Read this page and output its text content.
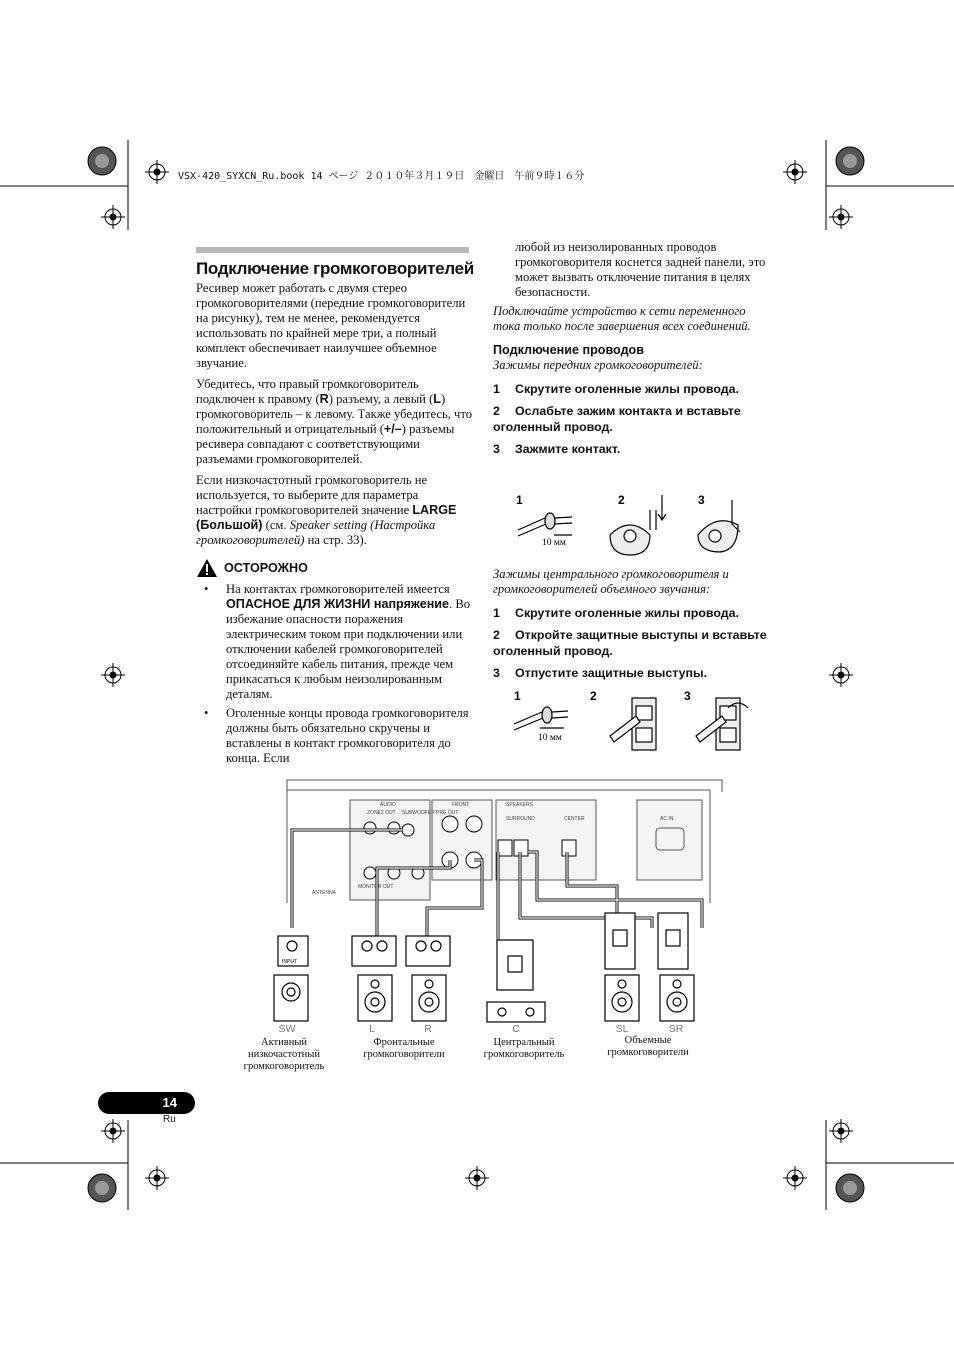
VSX-420_SYXCN_Ru.book 14 ページ ２０１０年３月１９日　金曜日　午前９時１６分
Подключение громкоговорителей

Ресивер может работать с двумя стерео громкоговорителями (передние громкоговорители на рисунку), тем не менее, рекомендуется использовать по крайней мере три, а полный комплект обеспечивает наилучшее объемное звучание.

Убедитесь, что правый громкоговоритель подключен к правому (R) разъему, а левый (L) громкоговоритель – к левому. Также убедитесь, что положительный и отрицательный (+/–) разъемы ресивера совпадают с соответствующими разъемами громкоговорителей.

Если низкочастотный громкоговоритель не используется, то выберите для параметра настройки громкоговорителей значение LARGE (Большой) (см. Speaker setting (Настройка громкоговорителей) на стр. 33).

ОСТОРОЖНО
•	На контактах громкоговорителей имеется ОПАСНОЕ ДЛЯ ЖИЗНИ напряжение. Во избежание опасности поражения электрическим током при подключении или отключении кабелей громкоговорителей отсоединяйте кабель питания, прежде чем прикасаться к любым неизолированным деталям.
•	Оголенные концы провода громкоговорителя должны быть обязательно скручены и вставлены в контакт громкоговорителя до конца. Если

любой из неизолированных проводов громкоговорителя коснется задней панели, это может вызвать отключение питания в целях безопасности.

Подключайте устройство к сети переменного тока только после завершения всех соединений.

Подключение проводов

Зажимы передних громкоговорителей:

1 Скрутите оголенные жилы провода.
2 Ослабьте зажим контакта и вставьте оголенный провод.
3 Зажмите контакт.
1	2	3
10 мм

Зажимы центрального громкоговорителя и громкоговорителей объемного звучания:

1 Скрутите оголенные жилы провода.
2 Откройте защитные выступы и вставьте оголенный провод.
3 Отпустите защитные выступы.
1	2	3
10 мм
AUDIO
ZONE2 OUT SUBWOOFER PRE OUT
FRONT	SPEAKERS
SURROUND	CENTER	AC IN
MONITOR OUT
ANTENNA
INPUT
SW	L	R	C	SL	SR
Активный низкочастотный громкоговоритель
Фронтальные громкоговорители
Центральный громкоговоритель
Объемные громкоговорители
14
Ru
